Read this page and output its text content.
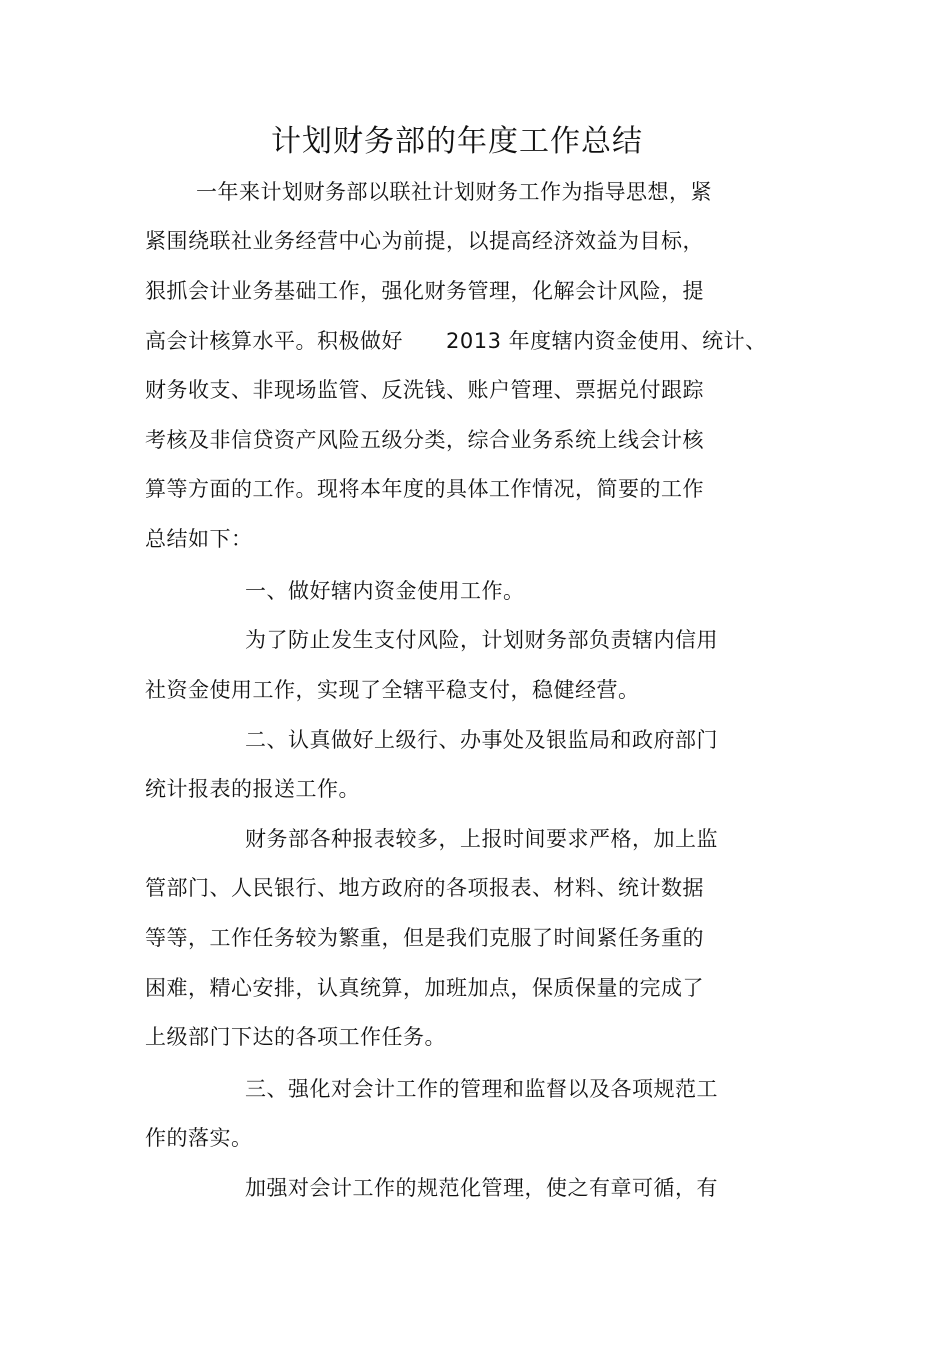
计划财务部的年度工作总结
一年来计划财务部以联社计划财务工作为指导思想，紧
紧围绕联社业务经营中心为前提，以提高经济效益为目标，
狠抓会计业务基础工作，强化财务管理，化解会计风险，提
高会计核算水平。积极做好　　2013 年度辖内资金使用、统计、
财务收支、非现场监管、反洗钱、账户管理、票据兑付跟踪
考核及非信贷资产风险五级分类，综合业务系统上线会计核
算等方面的工作。现将本年度的具体工作情况，简要的工作
总结如下：
一、做好辖内资金使用工作。
为了防止发生支付风险，计划财务部负责辖内信用
社资金使用工作，实现了全辖平稳支付，稳健经营。
二、认真做好上级行、办事处及银监局和政府部门
统计报表的报送工作。
财务部各种报表较多，上报时间要求严格，加上监
管部门、人民银行、地方政府的各项报表、材料、统计数据
等等，工作任务较为繁重，但是我们克服了时间紧任务重的
困难，精心安排，认真统算，加班加点，保质保量的完成了
上级部门下达的各项工作任务。
三、强化对会计工作的管理和监督以及各项规范工
作的落实。
加强对会计工作的规范化管理，使之有章可循，有
